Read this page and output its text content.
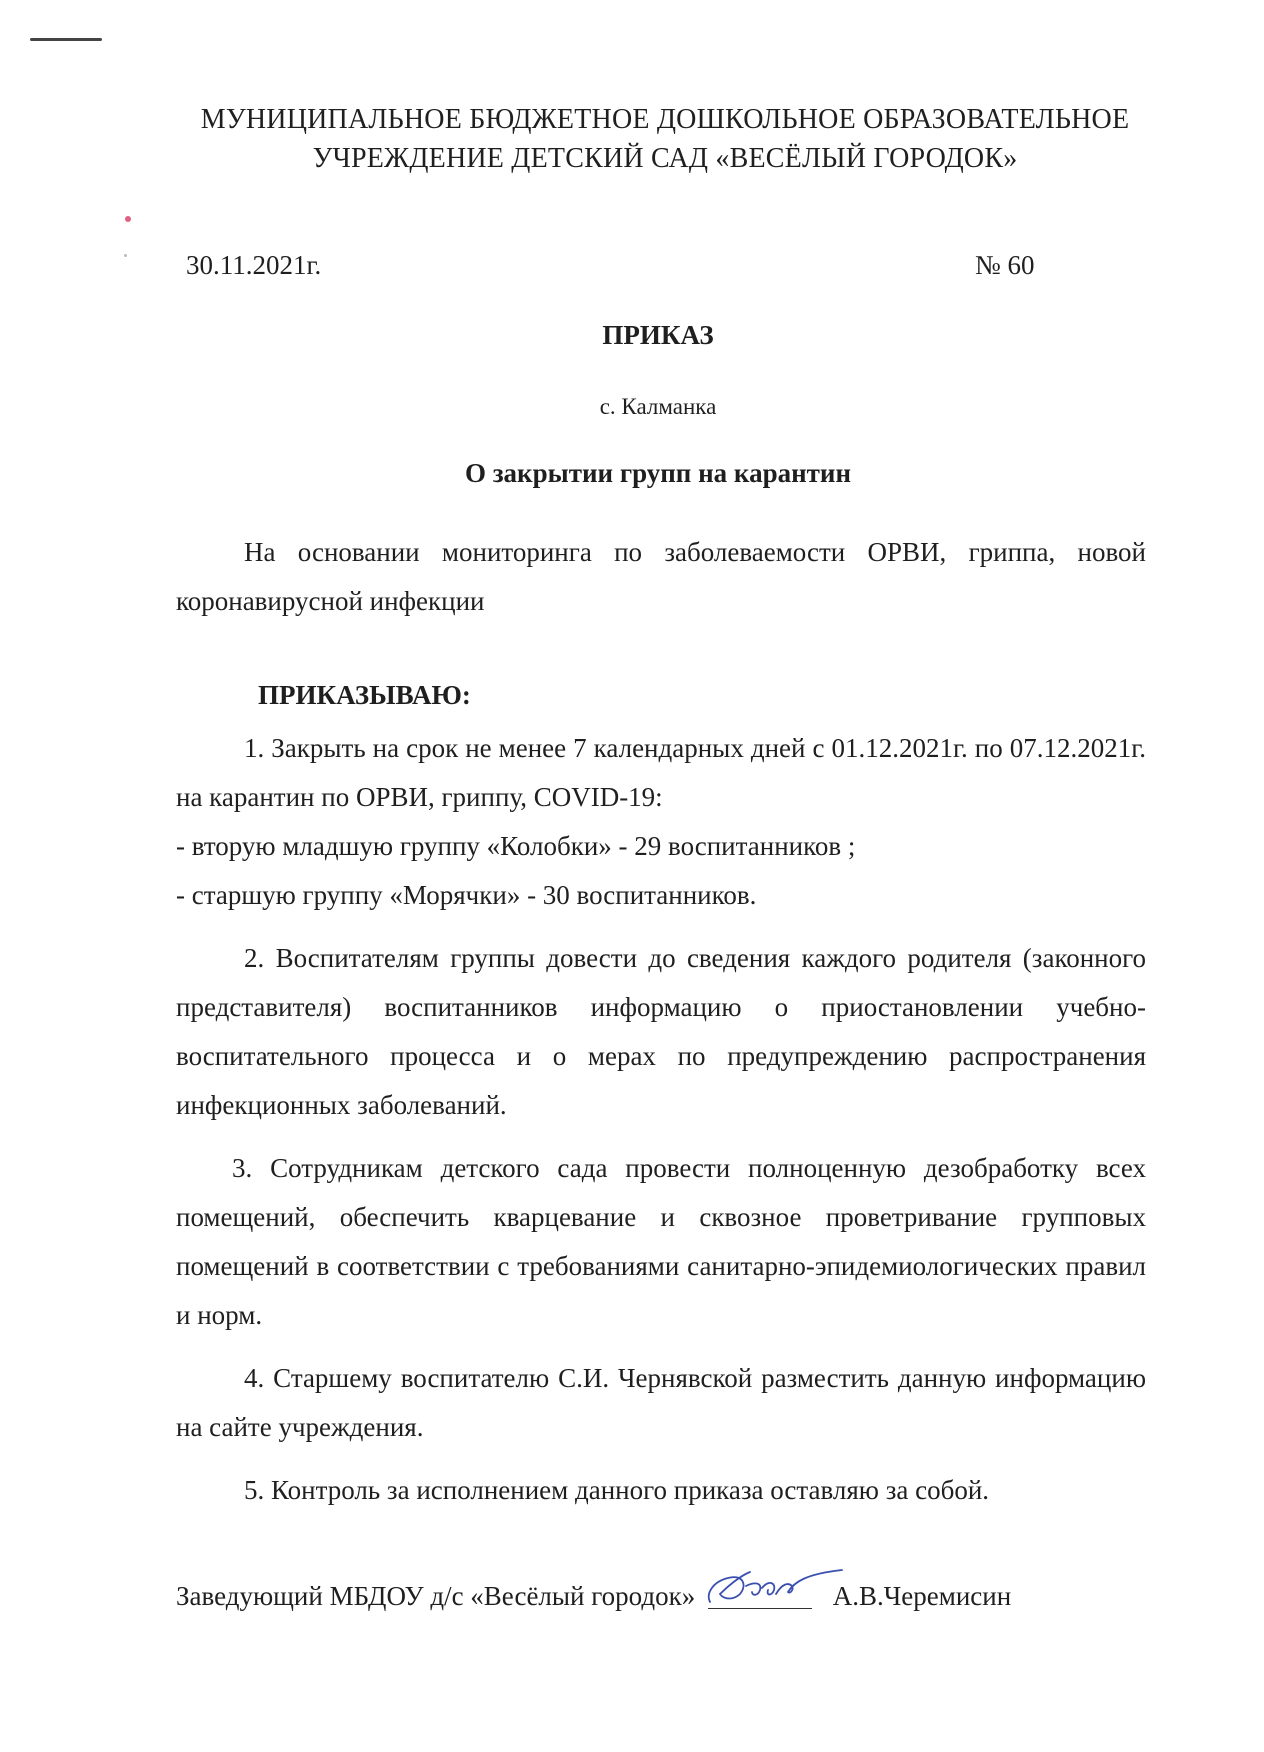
МУНИЦИПАЛЬНОЕ БЮДЖЕТНОЕ ДОШКОЛЬНОЕ ОБРАЗОВАТЕЛЬНОЕ
УЧРЕЖДЕНИЕ ДЕТСКИЙ САД «ВЕСЁЛЫЙ ГОРОДОК»
30.11.2021г.	№ 60
ПРИКАЗ
с. Калманка
О закрытии групп на карантин

На основании мониторинга по заболеваемости ОРВИ, гриппа, новой коронавирусной инфекции

ПРИКАЗЫВАЮ:

1. Закрыть на срок не менее 7 календарных дней с 01.12.2021г. по 07.12.2021г. на карантин по ОРВИ, гриппу, COVID-19:

- вторую младшую группу «Колобки» - 29 воспитанников ;

- старшую группу «Морячки» - 30 воспитанников.

2. Воспитателям группы довести до сведения каждого родителя (законного представителя) воспитанников информацию о приостановлении учебно-воспитательного процесса и о мерах по предупреждению распространения инфекционных заболеваний.

3. Сотрудникам детского сада провести полноценную дезобработку всех помещений, обеспечить кварцевание и сквозное проветривание групповых помещений в соответствии с требованиями санитарно-эпидемиологических правил и норм.

4. Старшему воспитателю С.И. Чернявской разместить данную информацию на сайте учреждения.

5. Контроль за исполнением данного приказа оставляю за собой.

Заведующий МБДОУ д/с «Весёлый городок»	А.В.Черемисин
